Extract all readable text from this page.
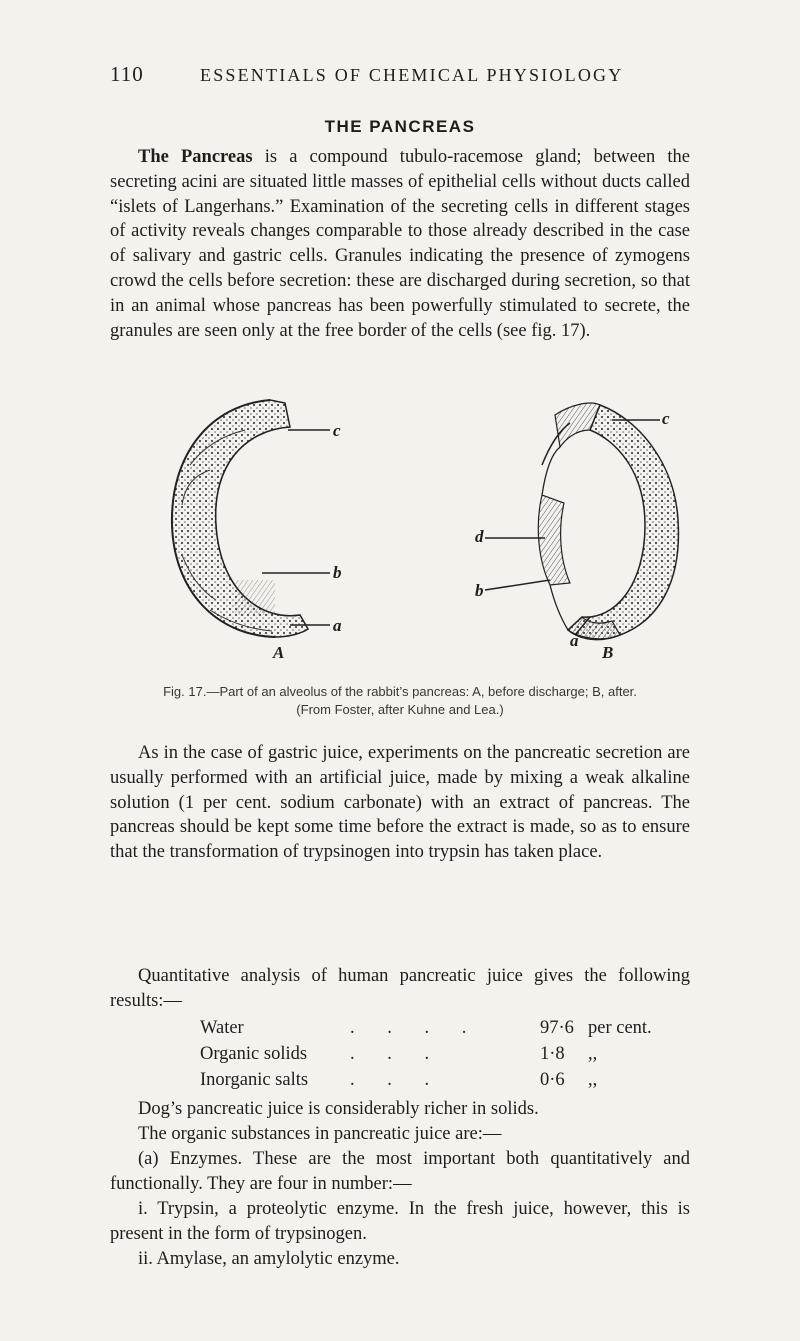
110	ESSENTIALS OF CHEMICAL PHYSIOLOGY
THE PANCREAS

The Pancreas is a compound tubulo-racemose gland; between the secreting acini are situated little masses of epithelial cells without ducts called “islets of Langerhans.” Examination of the secreting cells in different stages of activity reveals changes comparable to those already described in the case of salivary and gastric cells. Granules indicating the presence of zymogens crowd the cells before secretion: these are discharged during secretion, so that in an animal whose pancreas has been powerfully stimulated to secrete, the granules are seen only at the free border of the cells (see fig. 17).

c
b
a
A
c
d
b
a
B
Fig. 17.—Part of an alveolus of the rabbit’s pancreas: A, before discharge; B, after.
(From Foster, after Kuhne and Lea.)

As in the case of gastric juice, experiments on the pancreatic secretion are usually performed with an artificial juice, made by mixing a weak alkaline solution (1 per cent. sodium carbonate) with an extract of pancreas. The pancreas should be kept some time before the extract is made, so as to ensure that the transformation of trypsinogen into trypsin has taken place.

Quantitative analysis of human pancreatic juice gives the following results:—

Water	. . . .	97·6 per cent.
Organic solids . . .	1·8 ,,
Inorganic salts . . .	0·6 ,,

Dog’s pancreatic juice is considerably richer in solids.

The organic substances in pancreatic juice are:—

(a) Enzymes. These are the most important both quantitatively and functionally. They are four in number:—

i. Trypsin, a proteolytic enzyme. In the fresh juice, however, this is present in the form of trypsinogen.

ii. Amylase, an amylolytic enzyme.
